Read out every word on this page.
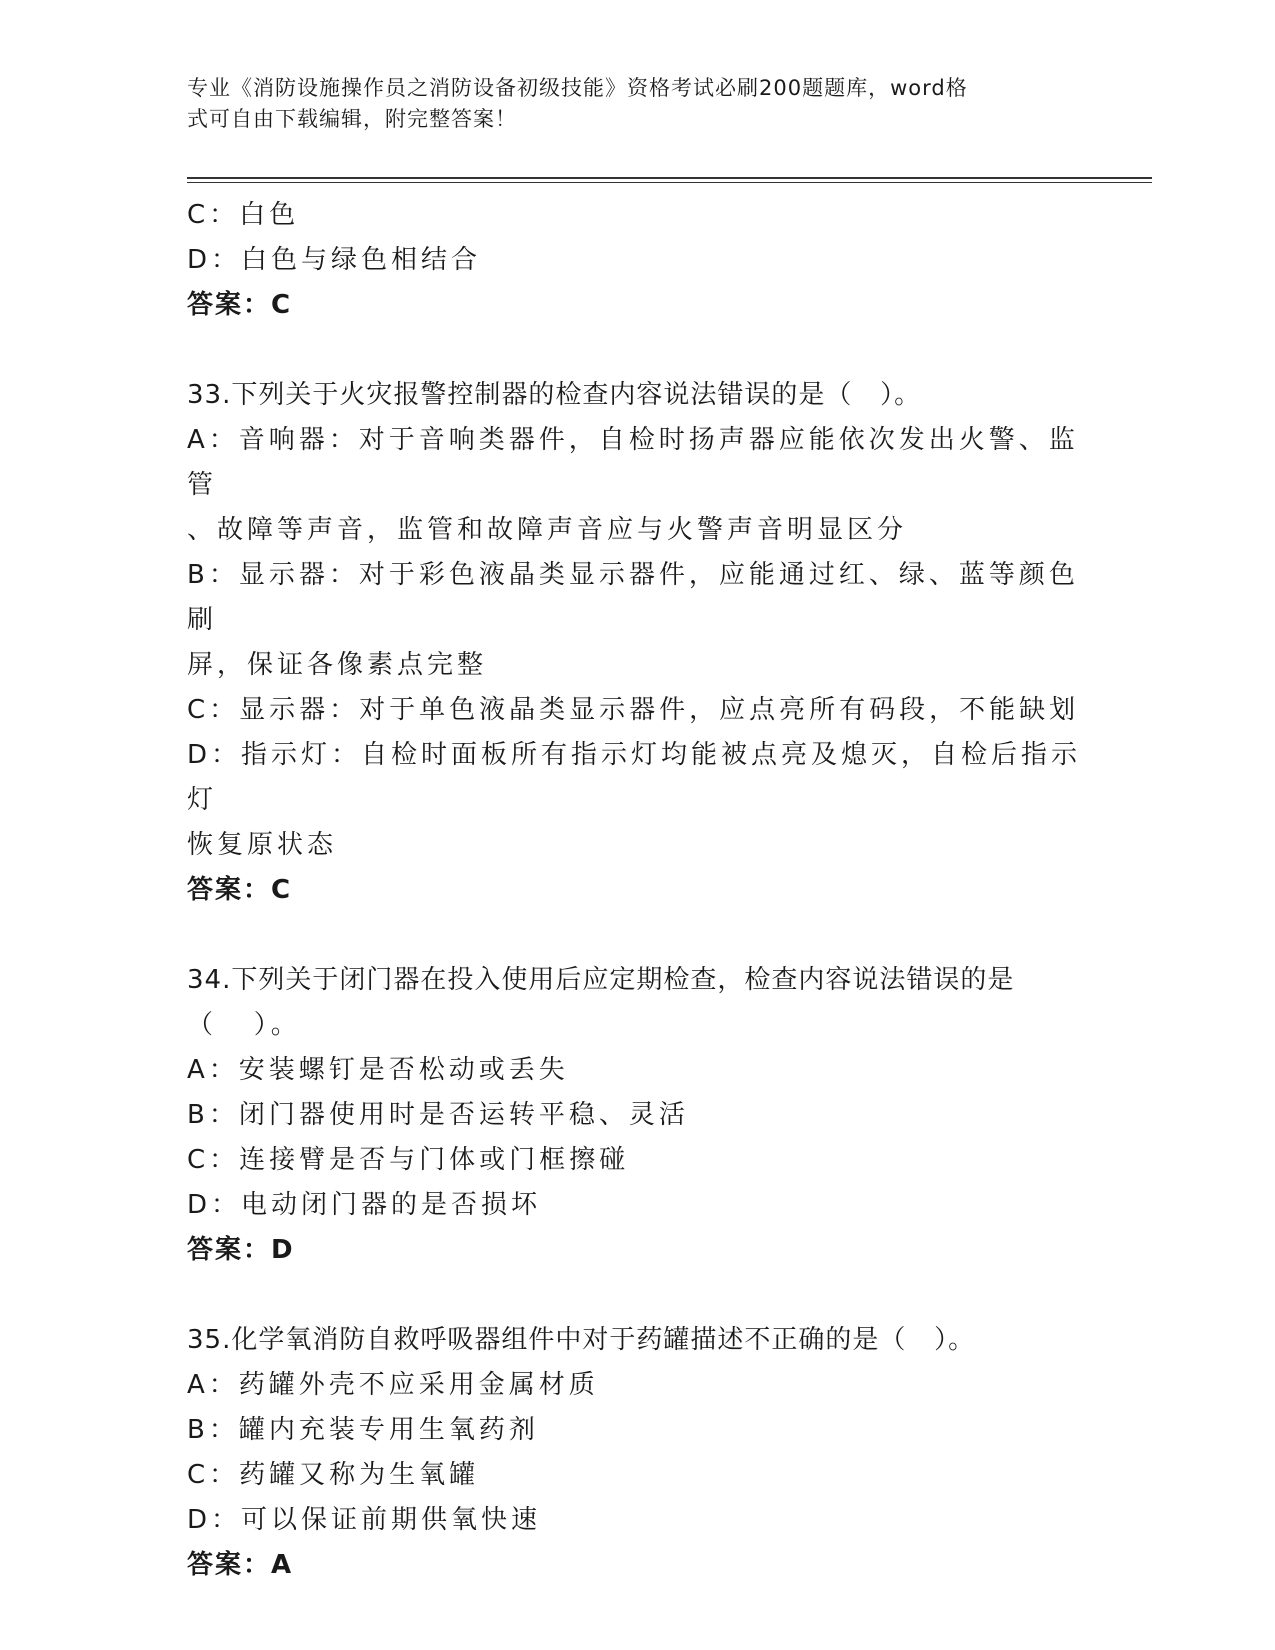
专业《消防设施操作员之消防设备初级技能》资格考试必刷200题题库，word格
式可自由下载编辑，附完整答案！
C：白色
D：白色与绿色相结合
答案：C
33.下列关于火灾报警控制器的检查内容说法错误的是（   ）。
A：音响器：对于音响类器件，自检时扬声器应能依次发出火警、监管
、故障等声音，监管和故障声音应与火警声音明显区分
B：显示器：对于彩色液晶类显示器件，应能通过红、绿、蓝等颜色刷
屏，保证各像素点完整
C：显示器：对于单色液晶类显示器件，应点亮所有码段，不能缺划
D：指示灯：自检时面板所有指示灯均能被点亮及熄灭，自检后指示灯
恢复原状态
答案：C
34.下列关于闭门器在投入使用后应定期检查，检查内容说法错误的是
（   ）。
A：安装螺钉是否松动或丢失
B：闭门器使用时是否运转平稳、灵活
C：连接臂是否与门体或门框擦碰
D：电动闭门器的是否损坏
答案：D
35.化学氧消防自救呼吸器组件中对于药罐描述不正确的是（   ）。
A：药罐外壳不应采用金属材质
B：罐内充装专用生氧药剂
C：药罐又称为生氧罐
D：可以保证前期供氧快速
答案：A
